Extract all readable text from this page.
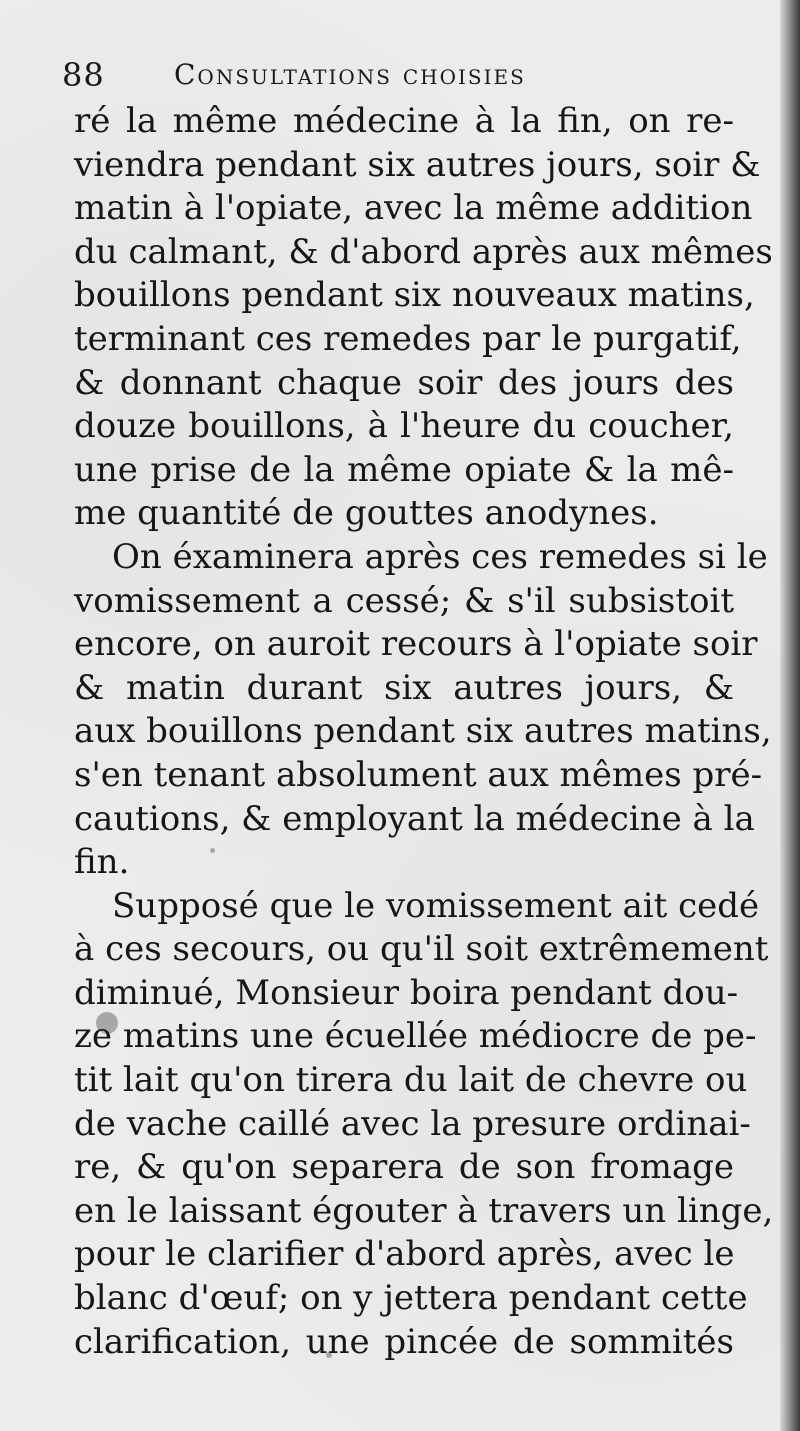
88 Consultations choisies
ré la même médecine à la fin, on re-
viendra pendant six autres jours, soir &
matin à l'opiate, avec la même addition
du calmant, & d'abord après aux mêmes
bouillons pendant six nouveaux matins,
terminant ces remedes par le purgatif,
& donnant chaque soir des jours des
douze bouillons, à l'heure du coucher,
une prise de la même opiate & la mê-
me quantité de gouttes anodynes.
On éxaminera après ces remedes si le
vomissement a cessé; & s'il subsistoit
encore, on auroit recours à l'opiate soir
& matin durant six autres jours, &
aux bouillons pendant six autres matins,
s'en tenant absolument aux mêmes pré-
cautions, & employant la médecine à la
fin.
Supposé que le vomissement ait cedé
à ces secours, ou qu'il soit extrêmement
diminué, Monsieur boira pendant dou-
ze matins une écuellée médiocre de pe-
tit lait qu'on tirera du lait de chevre ou
de vache caillé avec la presure ordinai-
re, & qu'on separera de son fromage
en le laissant égouter à travers un linge,
pour le clarifier d'abord après, avec le
blanc d'œuf; on y jettera pendant cette
clarification, une pincée de sommités
